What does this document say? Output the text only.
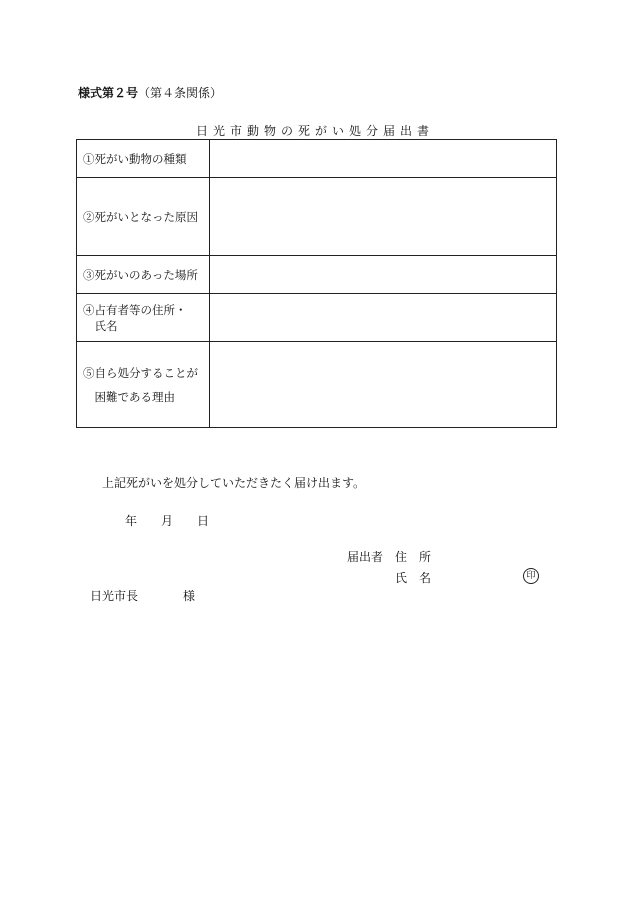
様式第２号（第４条関係）
日光市動物の死がい処分届出書
①死がい動物の種類	

②死がいとなった原因	

③死がいのあった場所	

④占有者等の住所・
　氏名	

⑤自ら処分することが
　困難である理由	

上記死がいを処分していただきたく届け出ます。
年 月 日
届出者 住　所
氏　名	印
日光市長	様
